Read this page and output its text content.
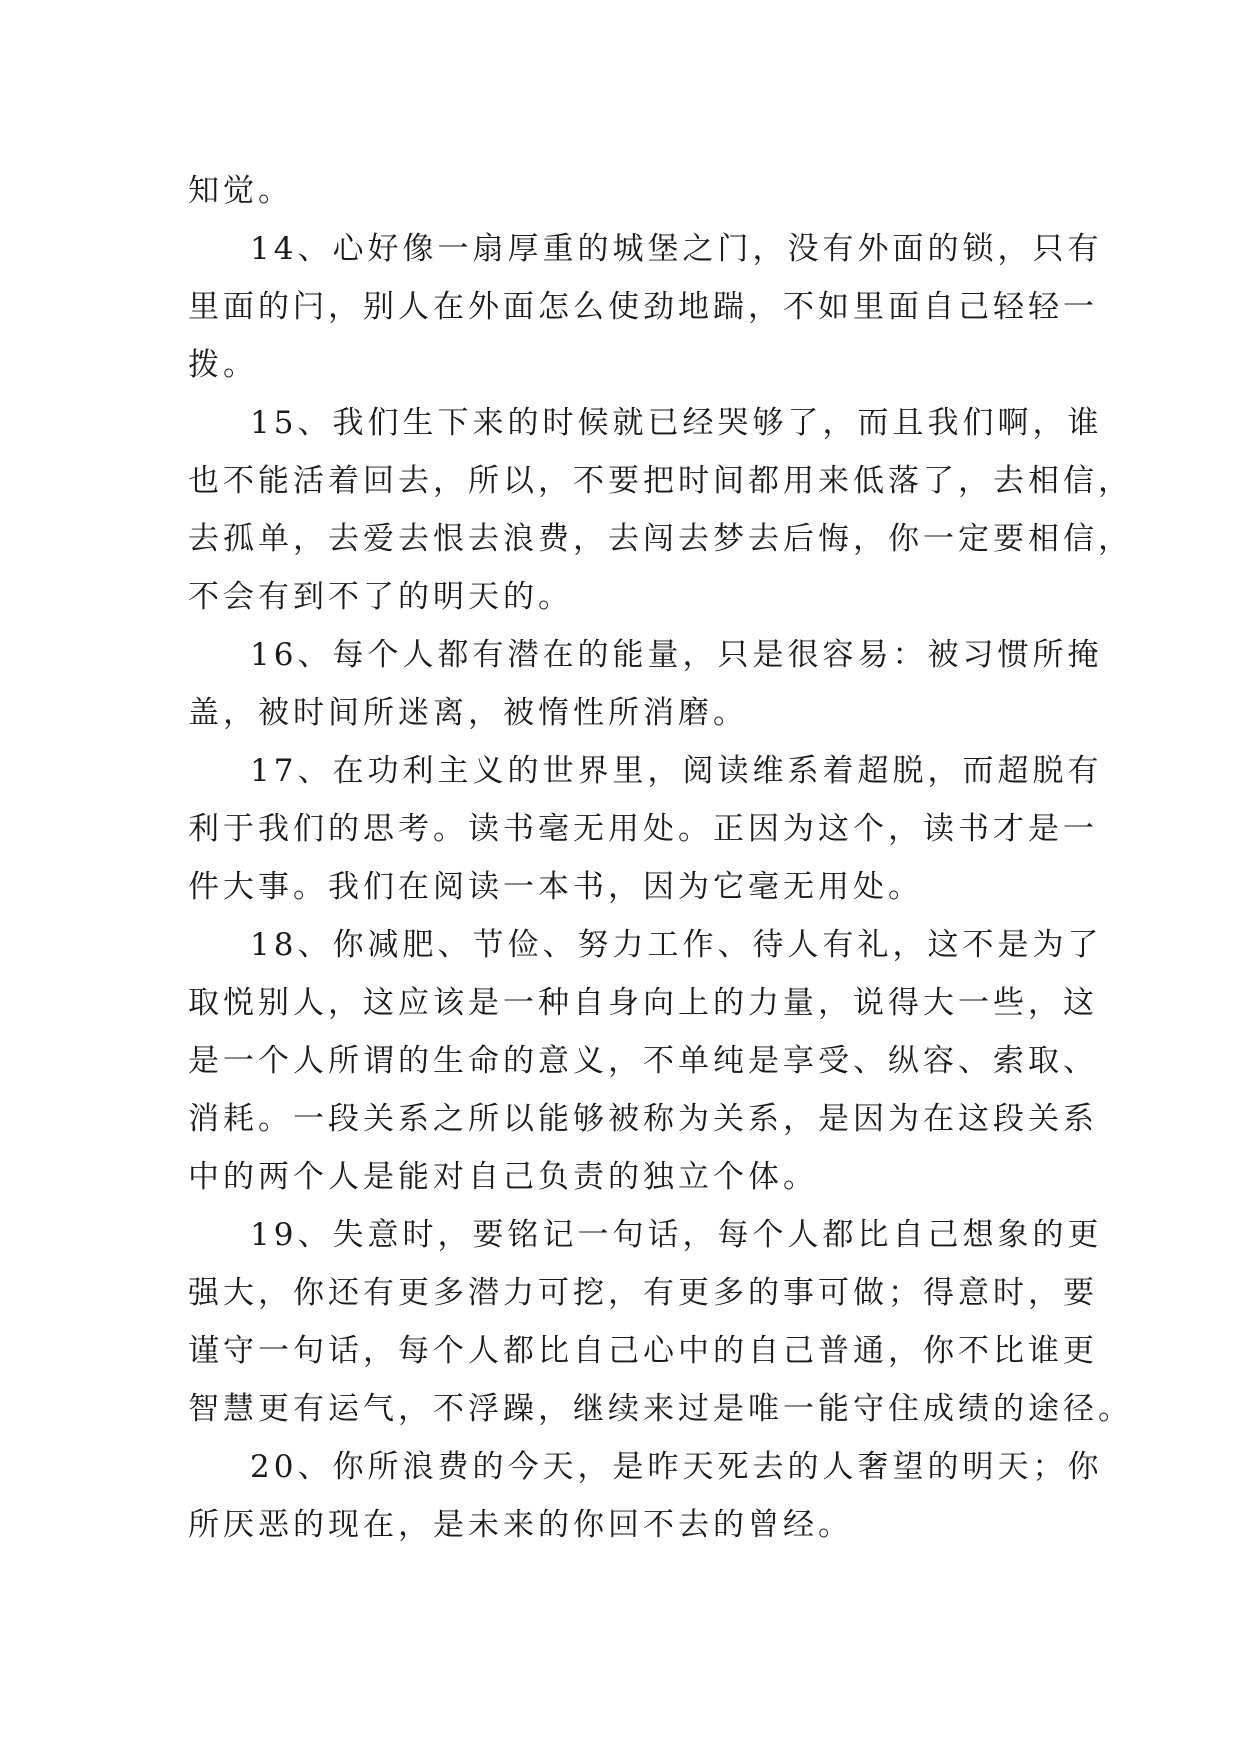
知觉。
14、心好像一扇厚重的城堡之门，没有外面的锁，只有
里面的闩，别人在外面怎么使劲地踹，不如里面自己轻轻一
拨。
15、我们生下来的时候就已经哭够了，而且我们啊，谁
也不能活着回去，所以，不要把时间都用来低落了，去相信，
去孤单，去爱去恨去浪费，去闯去梦去后悔，你一定要相信，
不会有到不了的明天的。
16、每个人都有潜在的能量，只是很容易：被习惯所掩
盖，被时间所迷离，被惰性所消磨。
17、在功利主义的世界里，阅读维系着超脱，而超脱有
利于我们的思考。读书毫无用处。正因为这个，读书才是一
件大事。我们在阅读一本书，因为它毫无用处。
18、你减肥、节俭、努力工作、待人有礼，这不是为了
取悦别人，这应该是一种自身向上的力量，说得大一些，这
是一个人所谓的生命的意义，不单纯是享受、纵容、索取、
消耗。一段关系之所以能够被称为关系，是因为在这段关系
中的两个人是能对自己负责的独立个体。
19、失意时，要铭记一句话，每个人都比自己想象的更
强大，你还有更多潜力可挖，有更多的事可做；得意时，要
谨守一句话，每个人都比自己心中的自己普通，你不比谁更
智慧更有运气，不浮躁，继续来过是唯一能守住成绩的途径。
20、你所浪费的今天，是昨天死去的人奢望的明天；你
所厌恶的现在，是未来的你回不去的曾经。
